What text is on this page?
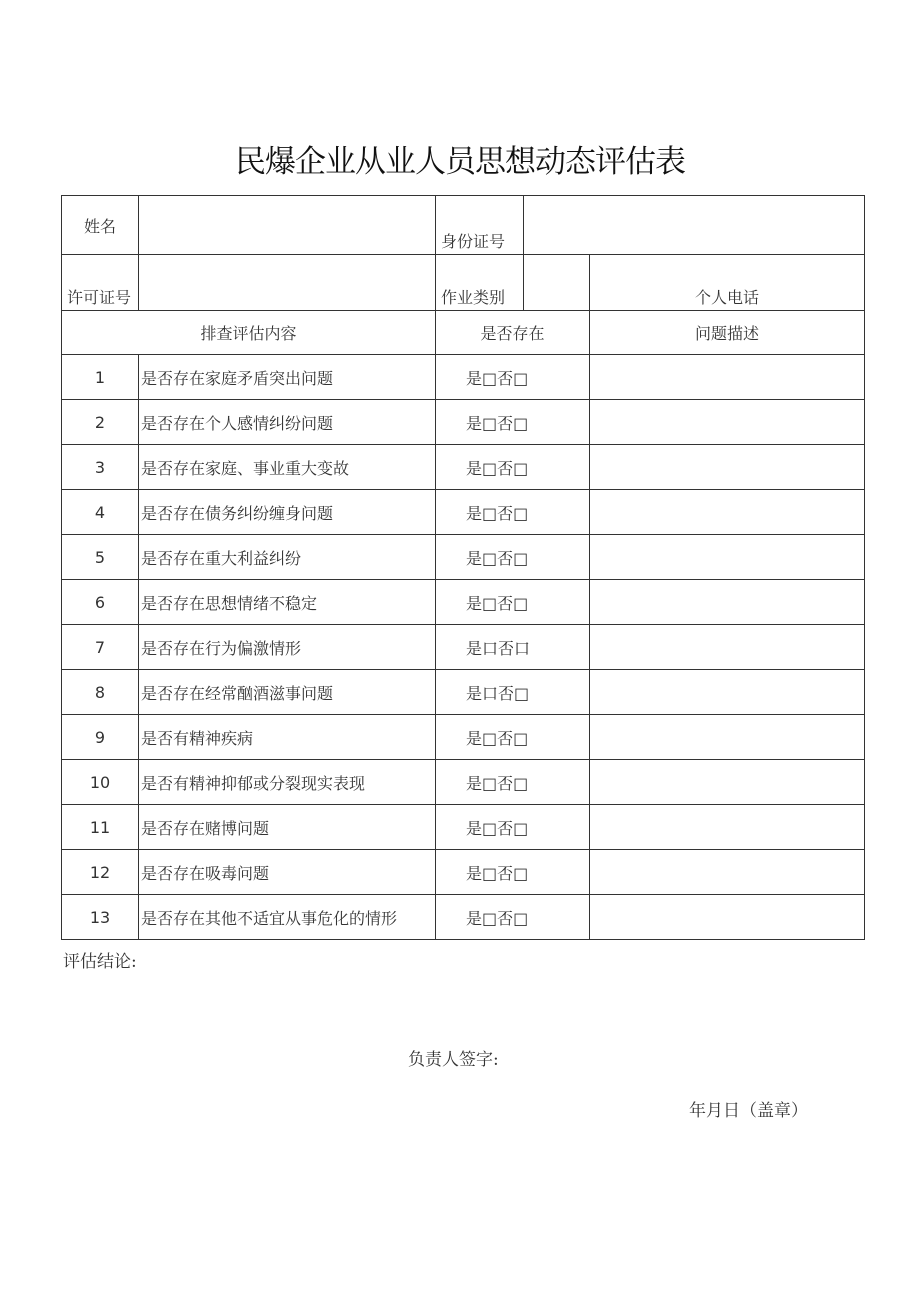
民爆企业从业人员思想动态评估表
姓名		身份证号		
许可证号		作业类别		个人电话
排查评估内容		是否存在		问题描述
1	是否存在家庭矛盾突出问题	是□否□		
2	是否存在个人感情纠纷问题	是□否□		
3	是否存在家庭、事业重大变故	是□否□		
4	是否存在债务纠纷缠身问题	是□否□		
5	是否存在重大利益纠纷	是□否□		
6	是否存在思想情绪不稳定	是□否□		
7	是否存在行为偏激情形	是口否口		
8	是否存在经常酗酒滋事问题	是口否□		
9	是否有精神疾病	是□否□		
10	是否有精神抑郁或分裂现实表现	是□否□		
11	是否存在赌博问题	是□否□		
12	是否存在吸毒问题	是□否□		
13	是否存在其他不适宜从事危化的情形	是□否□		
评估结论:
负责人签字:
年月日（盖章）
